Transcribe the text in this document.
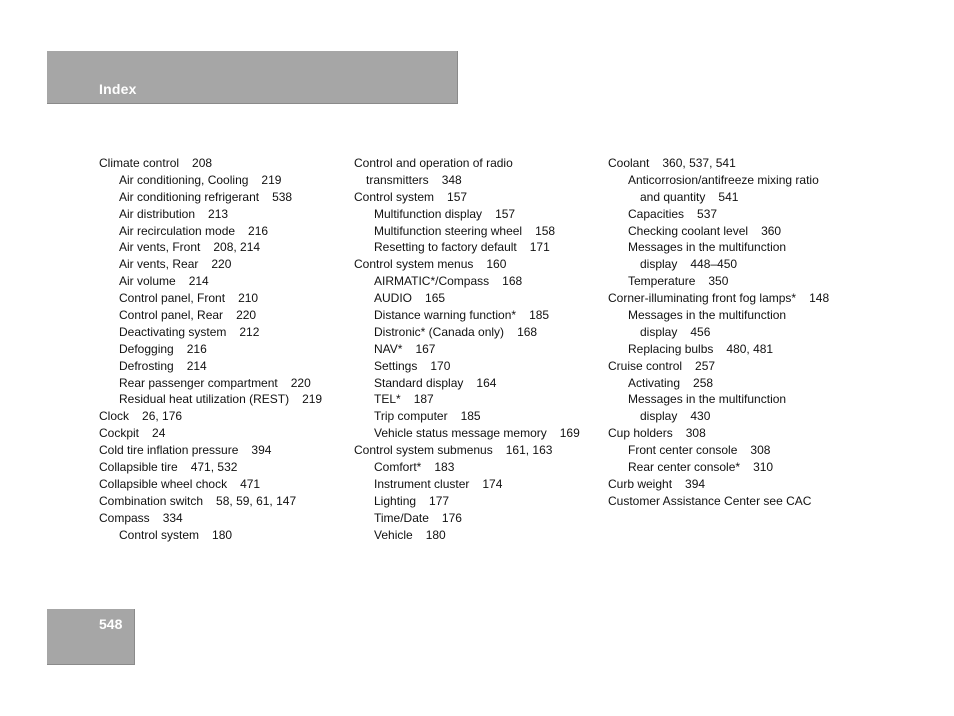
Index
Climate control 208
Air conditioning, Cooling 219
Air conditioning refrigerant 538
Air distribution 213
Air recirculation mode 216
Air vents, Front 208, 214
Air vents, Rear 220
Air volume 214
Control panel, Front 210
Control panel, Rear 220
Deactivating system 212
Defogging 216
Defrosting 214
Rear passenger compartment 220
Residual heat utilization (REST) 219
Clock 26, 176
Cockpit 24
Cold tire inflation pressure 394
Collapsible tire 471, 532
Collapsible wheel chock 471
Combination switch 58, 59, 61, 147
Compass 334
Control system 180
Control and operation of radio
transmitters 348
Control system 157
Multifunction display 157
Multifunction steering wheel 158
Resetting to factory default 171
Control system menus 160
AIRMATIC*/Compass 168
AUDIO 165
Distance warning function* 185
Distronic* (Canada only) 168
NAV* 167
Settings 170
Standard display 164
TEL* 187
Trip computer 185
Vehicle status message memory 169
Control system submenus 161, 163
Comfort* 183
Instrument cluster 174
Lighting 177
Time/Date 176
Vehicle 180
Coolant 360, 537, 541
Anticorrosion/antifreeze mixing ratio
and quantity 541
Capacities 537
Checking coolant level 360
Messages in the multifunction
display 448–450
Temperature 350
Corner-illuminating front fog lamps* 148
Messages in the multifunction
display 456
Replacing bulbs 480, 481
Cruise control 257
Activating 258
Messages in the multifunction
display 430
Cup holders 308
Front center console 308
Rear center console* 310
Curb weight 394
Customer Assistance Center see CAC
548
